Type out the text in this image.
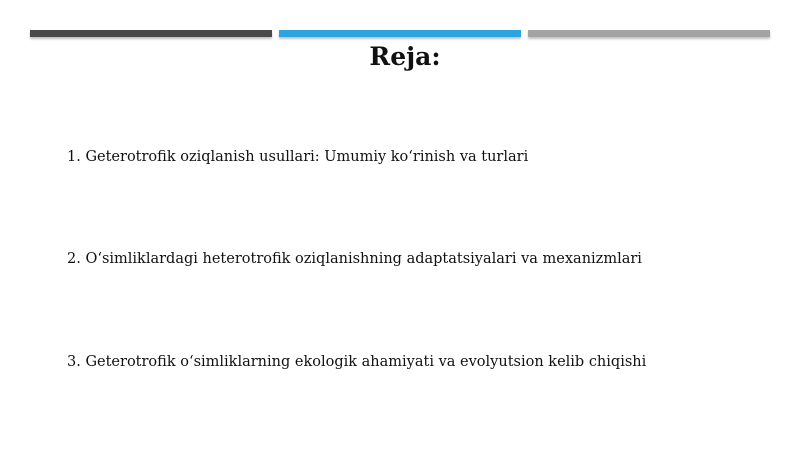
Reja:
1. Geterotrofik oziqlanish usullari: Umumiy koʻrinish va turlari
2. Oʻsimliklardagi heterotrofik oziqlanishning adaptatsiyalari va mexanizmlari
3. Geterotrofik oʻsimliklarning ekologik ahamiyati va evolyutsion kelib chiqishi
